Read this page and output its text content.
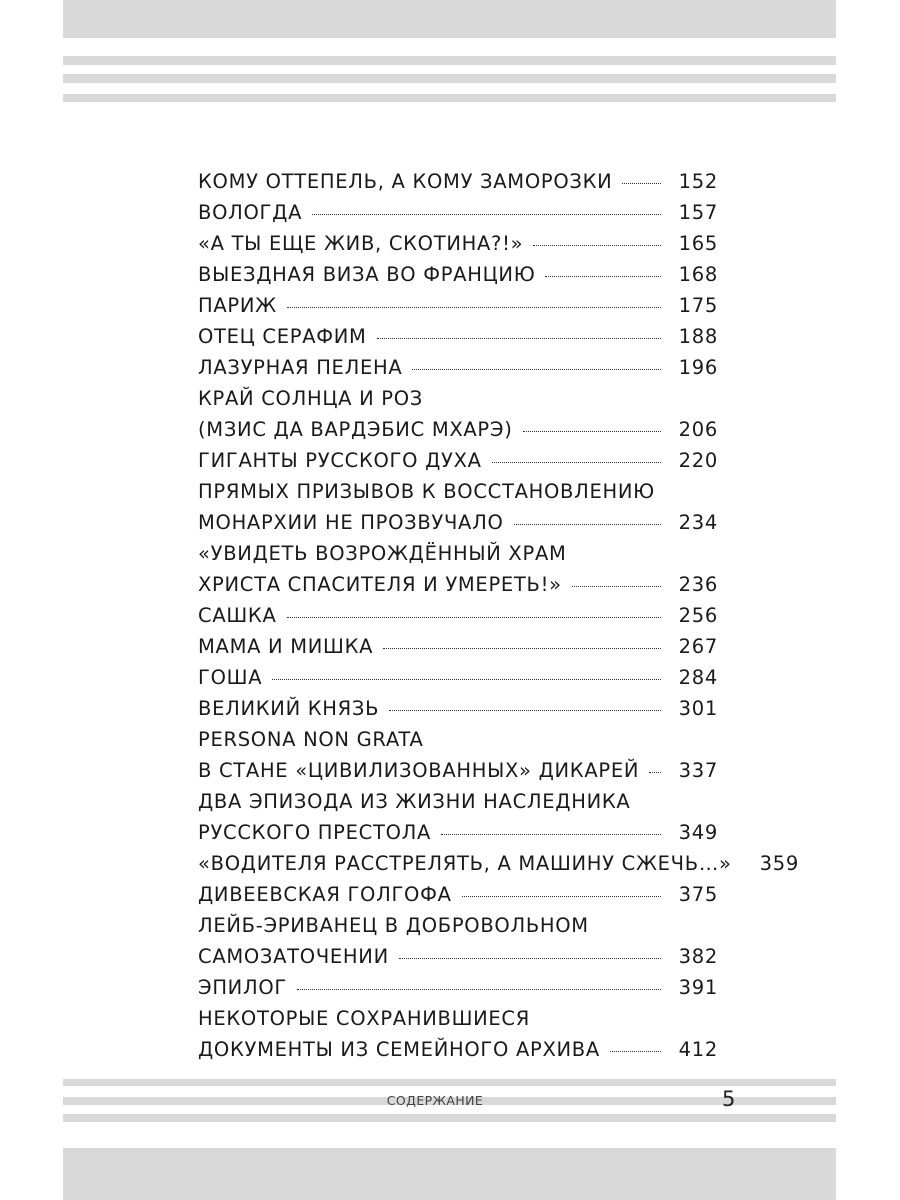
КОМУ ОТТЕПЕЛЬ, А КОМУ ЗАМОРОЗКИ	152
ВОЛОГДА	157
«А ТЫ ЕЩЕ ЖИВ, СКОТИНА?!»	165
ВЫЕЗДНАЯ ВИЗА ВО ФРАНЦИЮ	168
ПАРИЖ	175
ОТЕЦ СЕРАФИМ	188
ЛАЗУРНАЯ ПЕЛЕНА	196
КРАЙ СОЛНЦА И РОЗ
(МЗИС ДА ВАРДЭБИС МХАРЭ)	206
ГИГАНТЫ РУССКОГО ДУХА	220
ПРЯМЫХ ПРИЗЫВОВ К ВОССТАНОВЛЕНИЮ
МОНАРХИИ НЕ ПРОЗВУЧАЛО	234
«УВИДЕТЬ ВОЗРОЖДЁННЫЙ ХРАМ
ХРИСТА СПАСИТЕЛЯ И УМЕРЕТЬ!»	236
САШКА	256
МАМА И МИШКА	267
ГОША	284
ВЕЛИКИЙ КНЯЗЬ	301
PERSONA NON GRATA
В СТАНЕ «ЦИВИЛИЗОВАННЫХ» ДИКАРЕЙ 337
ДВА ЭПИЗОДА ИЗ ЖИЗНИ НАСЛЕДНИКА
РУССКОГО ПРЕСТОЛА	349
«ВОДИТЕЛЯ РАССТРЕЛЯТЬ, А МАШИНУ СЖЕЧЬ…» 359
ДИВЕЕВСКАЯ ГОЛГОФА	375
ЛЕЙБ-ЭРИВАНЕЦ В ДОБРОВОЛЬНОМ
САМОЗАТОЧЕНИИ	382
ЭПИЛОГ	391
НЕКОТОРЫЕ СОХРАНИВШИЕСЯ
ДОКУМЕНТЫ ИЗ СЕМЕЙНОГО АРХИВА	412
СОДЕРЖАНИЕ	5
